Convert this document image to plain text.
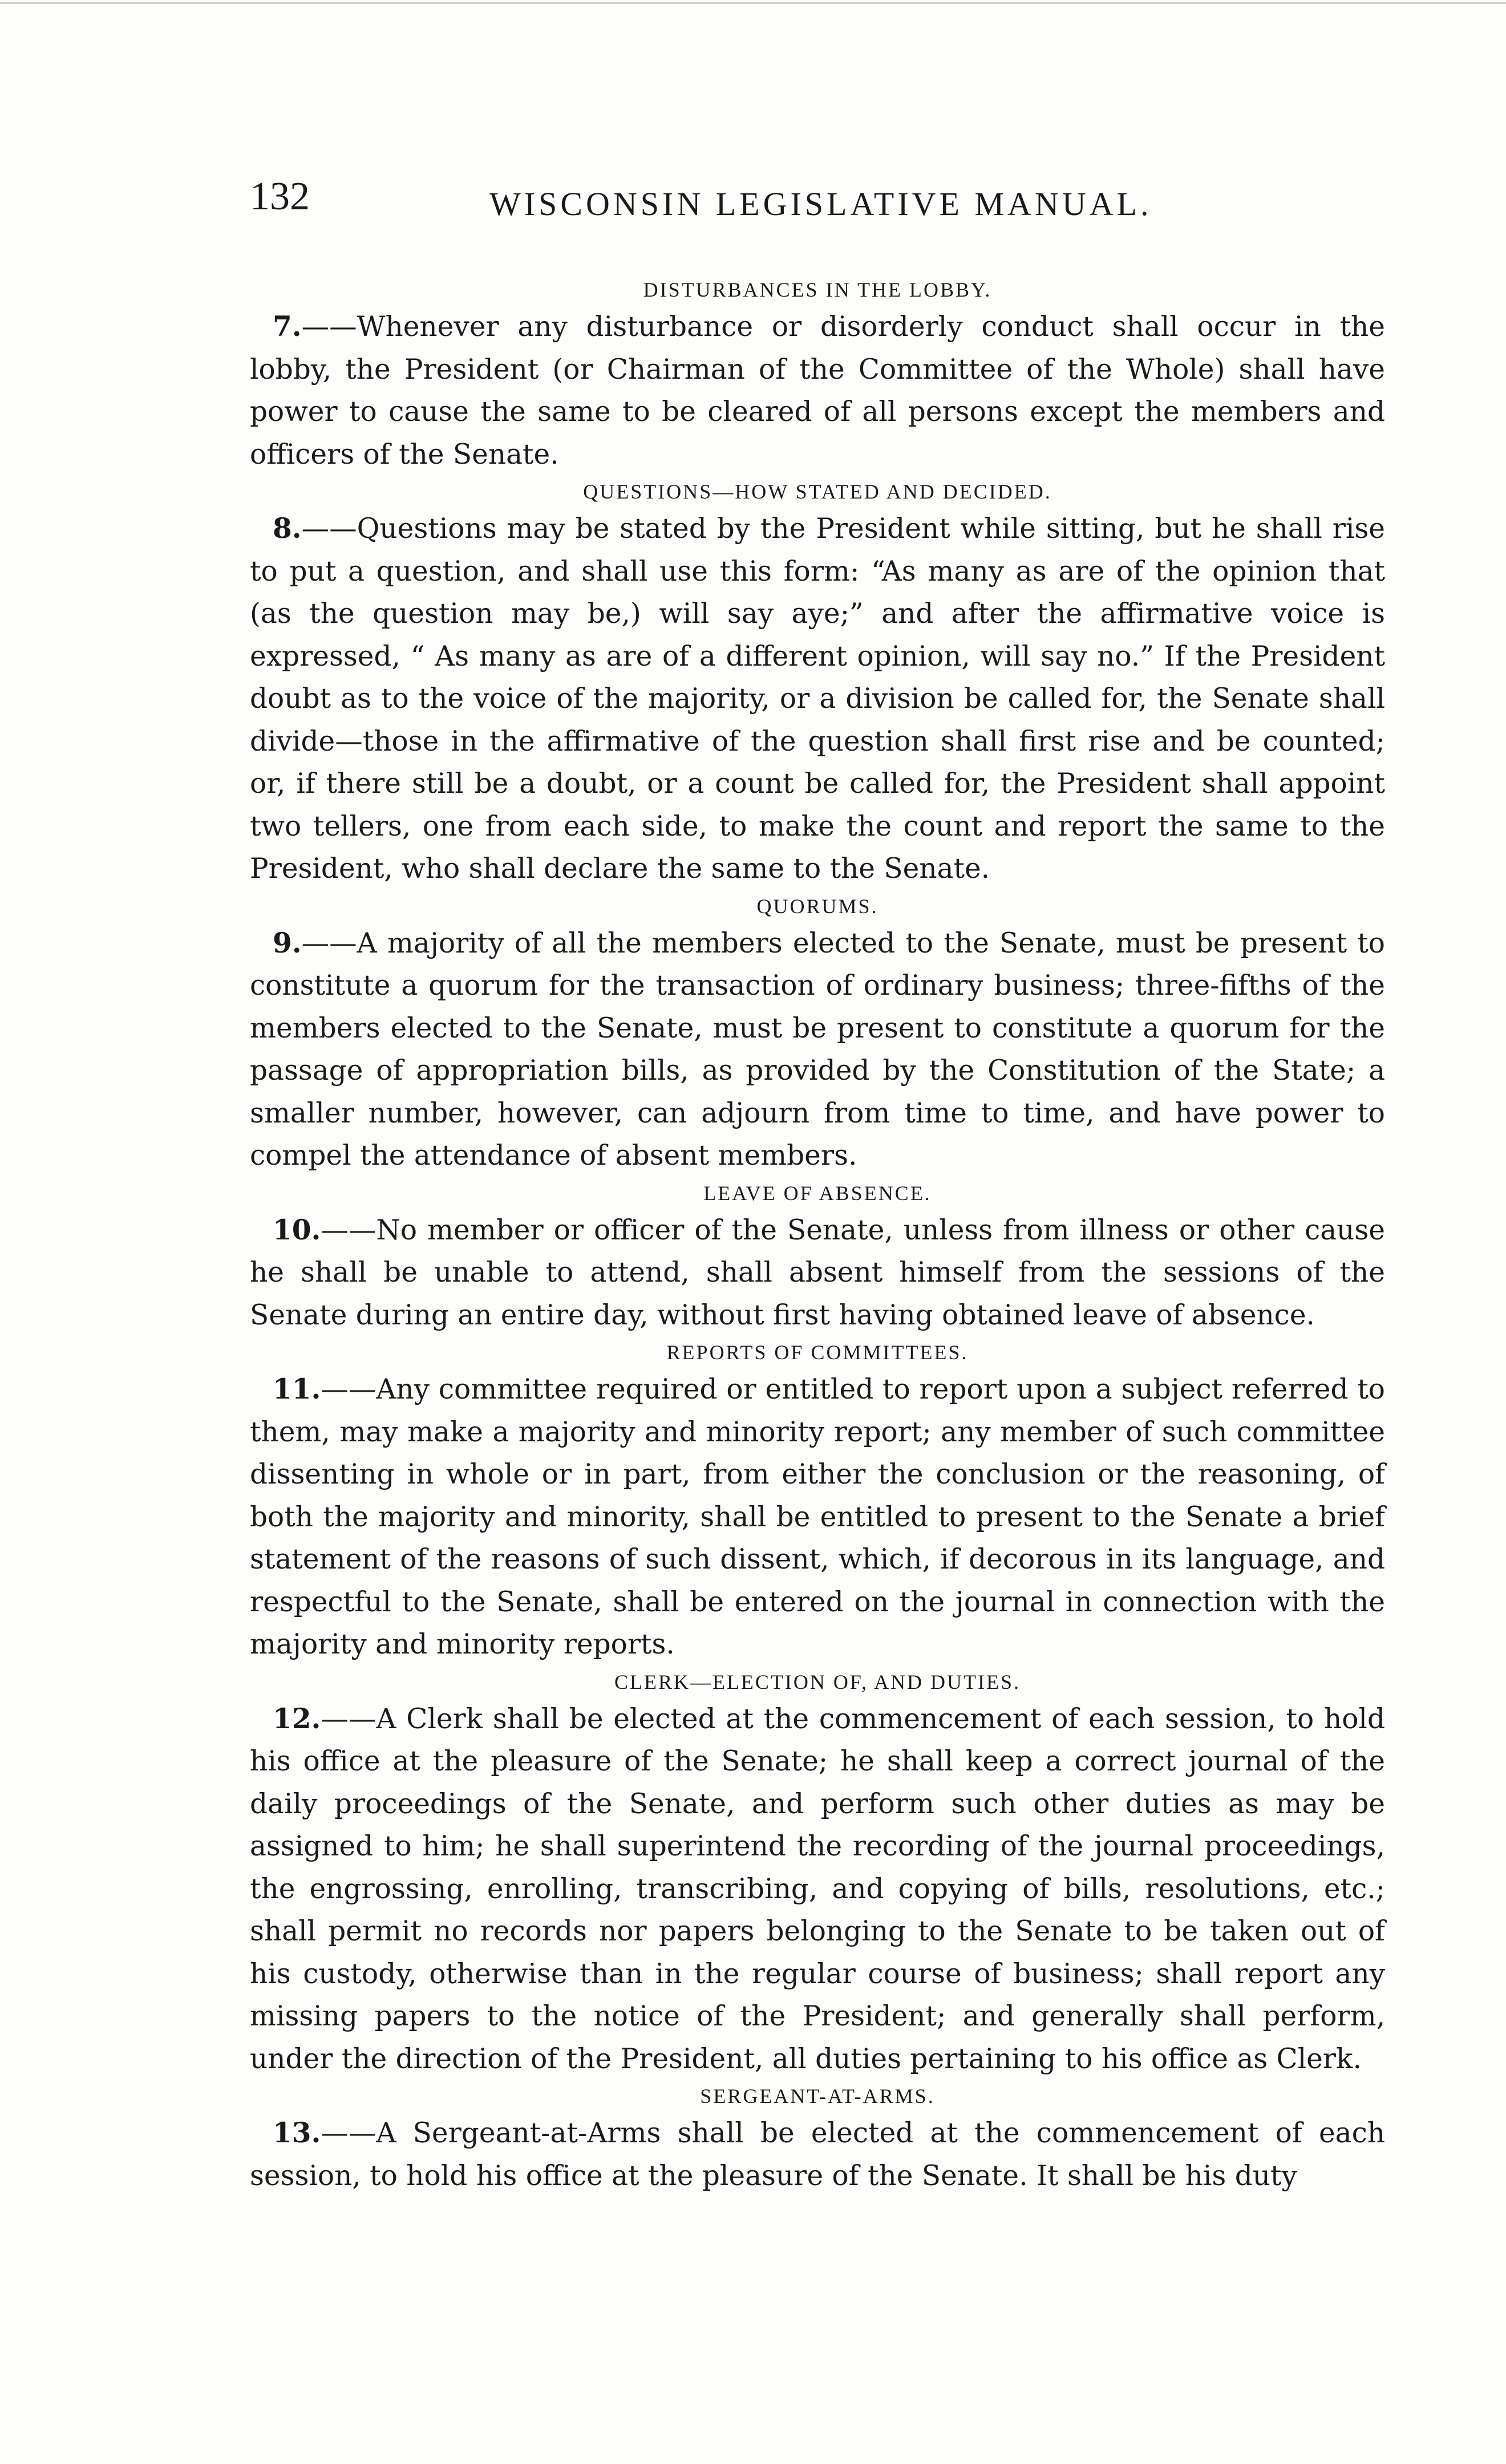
132	WISCONSIN LEGISLATIVE MANUAL.

DISTURBANCES IN THE LOBBY.

7.——Whenever any disturbance or disorderly conduct shall occur in the lobby, the President (or Chairman of the Committee of the Whole) shall have power to cause the same to be cleared of all persons except the members and officers of the Senate.

QUESTIONS—HOW STATED AND DECIDED.

8.——Questions may be stated by the President while sitting, but he shall rise to put a question, and shall use this form: “As many as are of the opinion that (as the question may be,) will say aye;” and after the affirmative voice is expressed, “ As many as are of a different opinion, will say no.” If the President doubt as to the voice of the majority, or a division be called for, the Senate shall divide—those in the affirmative of the question shall first rise and be counted; or, if there still be a doubt, or a count be called for, the President shall appoint two tellers, one from each side, to make the count and report the same to the President, who shall declare the same to the Senate.

QUORUMS.

9.——A majority of all the members elected to the Senate, must be present to constitute a quorum for the transaction of ordinary business; three-fifths of the members elected to the Senate, must be present to constitute a quorum for the passage of appropriation bills, as provided by the Constitution of the State; a smaller number, however, can adjourn from time to time, and have power to compel the attendance of absent members.

LEAVE OF ABSENCE.

10.——No member or officer of the Senate, unless from illness or other cause he shall be unable to attend, shall absent himself from the sessions of the Senate during an entire day, without first having obtained leave of absence.

REPORTS OF COMMITTEES.

11.——Any committee required or entitled to report upon a subject referred to them, may make a majority and minority report; any member of such committee dissenting in whole or in part, from either the conclusion or the reasoning, of both the majority and minority, shall be entitled to present to the Senate a brief statement of the reasons of such dissent, which, if decorous in its language, and respectful to the Senate, shall be entered on the journal in connection with the majority and minority reports.

CLERK—ELECTION OF, AND DUTIES.

12.——A Clerk shall be elected at the commencement of each session, to hold his office at the pleasure of the Senate; he shall keep a correct journal of the daily proceedings of the Senate, and perform such other duties as may be assigned to him; he shall superintend the recording of the journal proceedings, the engrossing, enrolling, transcribing, and copying of bills, resolutions, etc.; shall permit no records nor papers belonging to the Senate to be taken out of his custody, otherwise than in the regular course of business; shall report any missing papers to the notice of the President; and generally shall perform, under the direction of the President, all duties pertaining to his office as Clerk.

SERGEANT-AT-ARMS.

13.——A Sergeant-at-Arms shall be elected at the commencement of each session, to hold his office at the pleasure of the Senate. It shall be his duty
